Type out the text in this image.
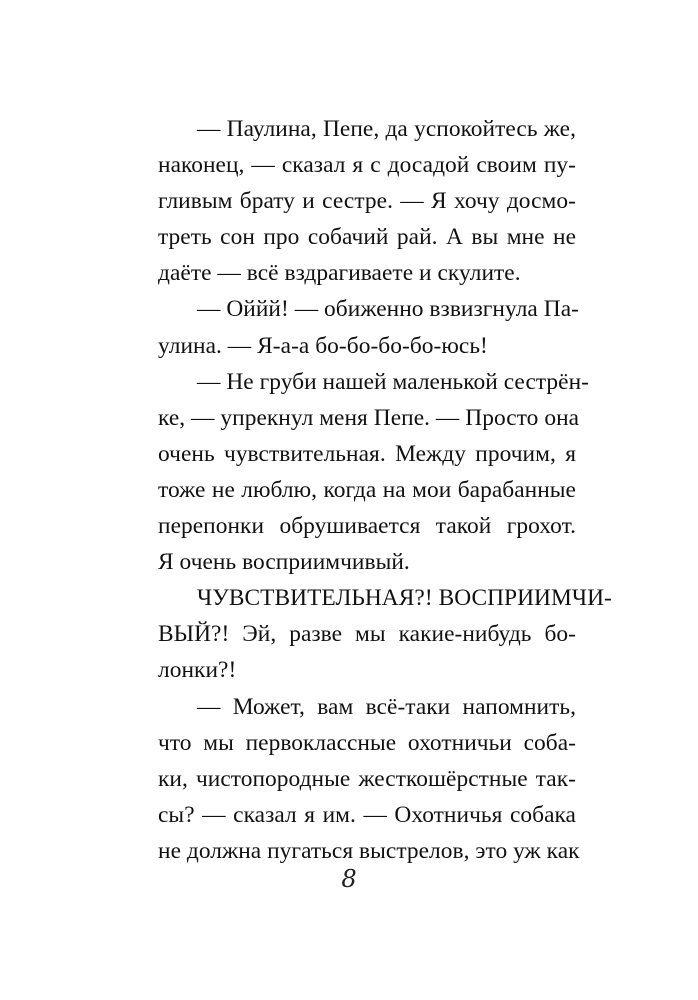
— Паулина, Пепе, да успокойтесь же,
наконец, — сказал я с досадой своим пу-
гливым брату и сестре. — Я хочу досмо-
треть сон про собачий рай. А вы мне не
даёте — всё вздрагиваете и скулите.
— Оййй! — обиженно взвизгнула Па-
улина. — Я-а-а бо-бо-бо-бо-юсь!
— Не груби нашей маленькой сестрён-
ке, — упрекнул меня Пепе. — Просто она
очень чувствительная. Между прочим, я
тоже не люблю, когда на мои барабанные
перепонки обрушивается такой грохот.
Я очень восприимчивый.
ЧУВСТВИТЕЛЬНАЯ?! ВОСПРИИМЧИ-
ВЫЙ?! Эй, разве мы какие-нибудь бо-
лонки?!
— Может, вам всё-таки напомнить,
что мы первоклассные охотничьи соба-
ки, чистопородные жесткошёрстные так-
сы? — сказал я им. — Охотничья собака
не должна пугаться выстрелов, это уж как
8
